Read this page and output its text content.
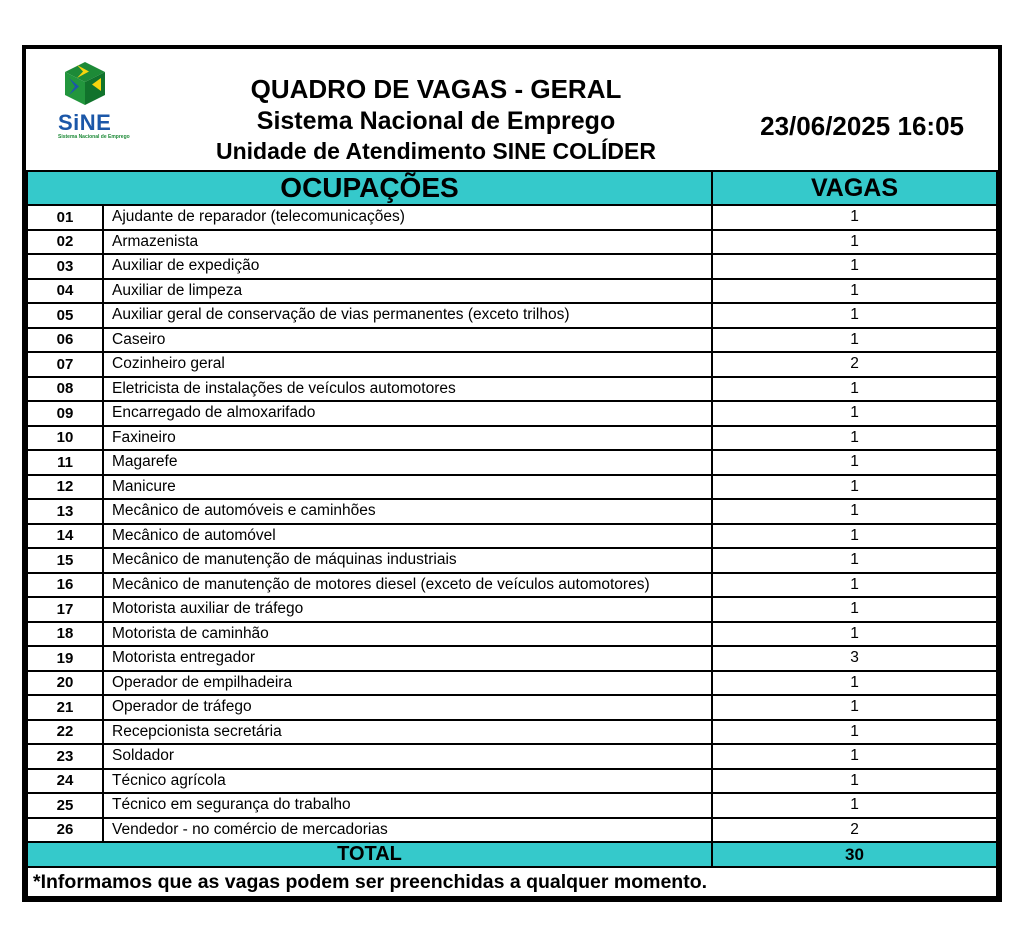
SiNE
Sistema Nacional de Emprego
QUADRO DE VAGAS - GERAL
Sistema Nacional de Emprego
Unidade de Atendimento SINE COLÍDER
23/06/2025 16:05
OCUPAÇÕES		VAGAS
01	Ajudante de reparador (telecomunicações)	1
02	Armazenista	1
03	Auxiliar de expedição	1
04	Auxiliar de limpeza	1
05	Auxiliar geral de conservação de vias permanentes (exceto trilhos)	1
06	Caseiro	1
07	Cozinheiro geral	2
08	Eletricista de instalações de veículos automotores	1
09	Encarregado de almoxarifado	1
10	Faxineiro	1
11	Magarefe	1
12	Manicure	1
13	Mecânico de automóveis e caminhões	1
14	Mecânico de automóvel	1
15	Mecânico de manutenção de máquinas industriais	1
16	Mecânico de manutenção de motores diesel (exceto de veículos automotores)	1
17	Motorista auxiliar de tráfego	1
18	Motorista de caminhão	1
19	Motorista entregador	3
20	Operador de empilhadeira	1
21	Operador de tráfego	1
22	Recepcionista secretária	1
23	Soldador	1
24	Técnico agrícola	1
25	Técnico em segurança do trabalho	1
26	Vendedor - no comércio de mercadorias	2
TOTAL		30
*Informamos que as vagas podem ser preenchidas a qualquer momento.		
